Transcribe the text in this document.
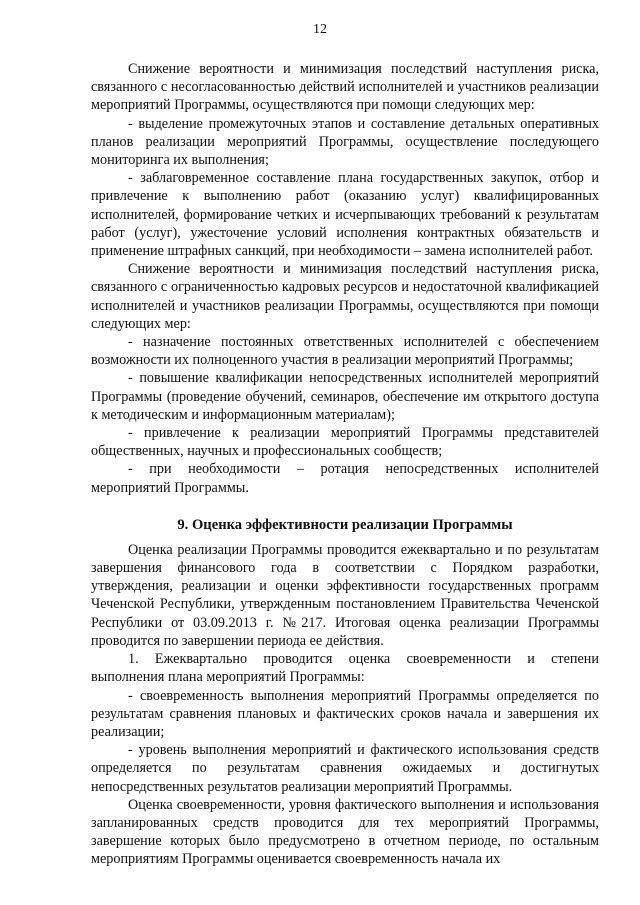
12

Снижение вероятности и минимизация последствий наступления риска, связанного с несогласованностью действий исполнителей и участников реализации мероприятий Программы, осуществляются при помощи следующих мер:

- выделение промежуточных этапов и составление детальных оперативных планов реализации мероприятий Программы, осуществление последующего мониторинга их выполнения;

- заблаговременное составление плана государственных закупок, отбор и привлечение к выполнению работ (оказанию услуг) квалифицированных исполнителей, формирование четких и исчерпывающих требований к результатам работ (услуг), ужесточение условий исполнения контрактных обязательств и применение штрафных санкций, при необходимости – замена исполнителей работ.

Снижение вероятности и минимизация последствий наступления риска, связанного с ограниченностью кадровых ресурсов и недостаточной квалификацией исполнителей и участников реализации Программы, осуществляются при помощи следующих мер:

- назначение постоянных ответственных исполнителей с обеспечением возможности их полноценного участия в реализации мероприятий Программы;

- повышение квалификации непосредственных исполнителей мероприятий Программы (проведение обучений, семинаров, обеспечение им открытого доступа к методическим и информационным материалам);

- привлечение к реализации мероприятий Программы представителей общественных, научных и профессиональных сообществ;

- при необходимости – ротация непосредственных исполнителей мероприятий Программы.

9. Оценка эффективности реализации Программы

Оценка реализации Программы проводится ежеквартально и по результатам завершения финансового года в соответствии с Порядком разработки, утверждения, реализации и оценки эффективности государственных программ Чеченской Республики, утвержденным постановлением Правительства Чеченской Республики от 03.09.2013 г. №217. Итоговая оценка реализации Программы проводится по завершении периода ее действия.

1. Ежеквартально проводится оценка своевременности и степени выполнения плана мероприятий Программы:

- своевременность выполнения мероприятий Программы определяется по результатам сравнения плановых и фактических сроков начала и завершения их реализации;

- уровень выполнения мероприятий и фактического использования средств определяется по результатам сравнения ожидаемых и достигнутых непосредственных результатов реализации мероприятий Программы.

Оценка своевременности, уровня фактического выполнения и использования запланированных средств проводится для тех мероприятий Программы, завершение которых было предусмотрено в отчетном периоде, по остальным мероприятиям Программы оценивается своевременность начала их
